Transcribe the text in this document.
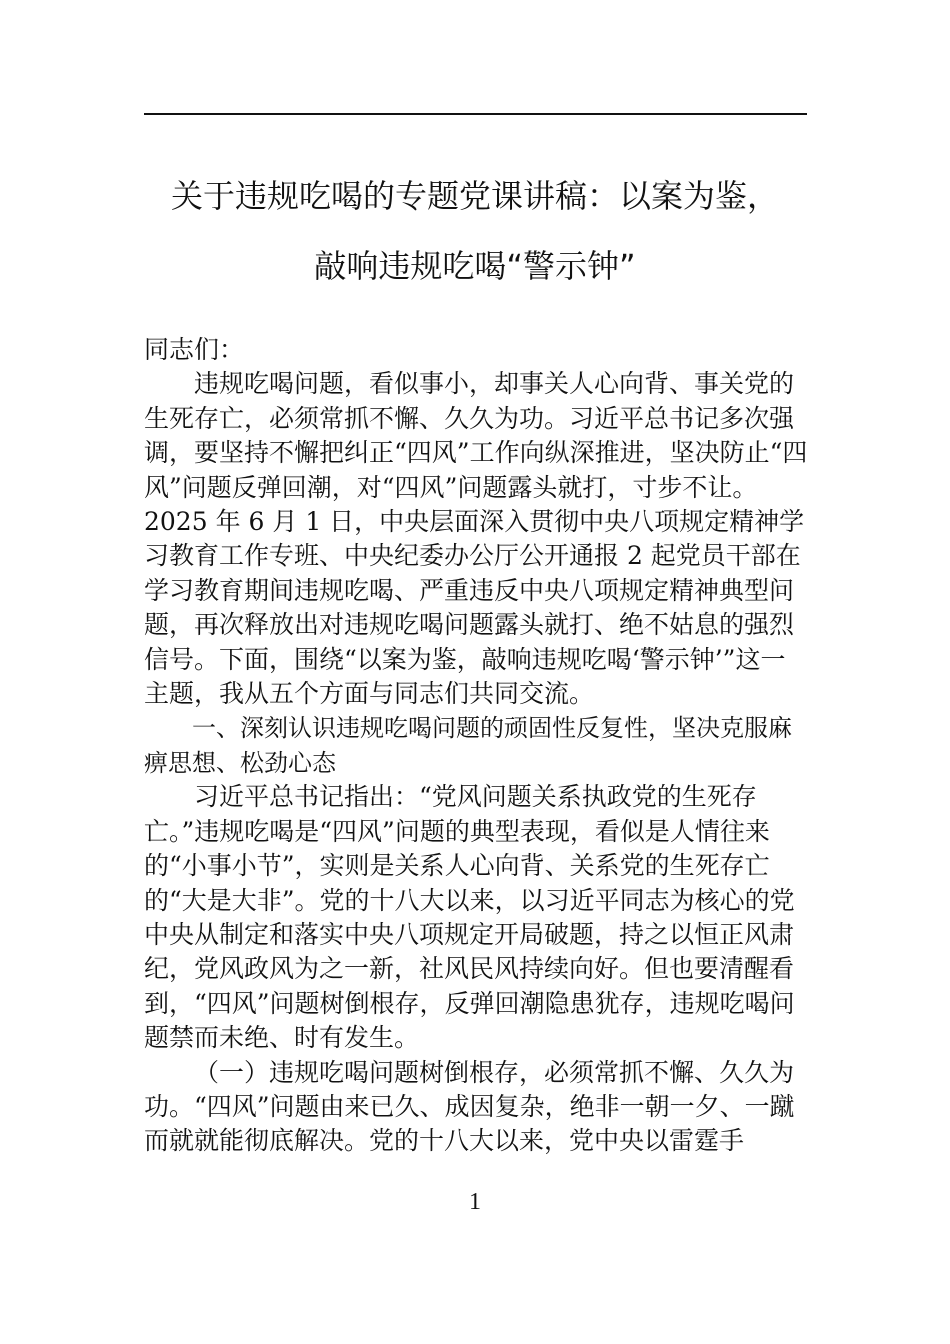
关于违规吃喝的专题党课讲稿：以案为鉴，
敲响违规吃喝“警示钟”

同志们：

违规吃喝问题，看似事小，却事关人心向背、事关党的生死存亡，必须常抓不懈、久久为功。习近平总书记多次强调，要坚持不懈把纠正“四风”工作向纵深推进，坚决防止“四风”问题反弹回潮，对“四风”问题露头就打，寸步不让。2025 年 6 月 1 日，中央层面深入贯彻中央八项规定精神学习教育工作专班、中央纪委办公厅公开通报 2 起党员干部在学习教育期间违规吃喝、严重违反中央八项规定精神典型问题，再次释放出对违规吃喝问题露头就打、绝不姑息的强烈信号。下面，围绕“以案为鉴，敲响违规吃喝‘警示钟’”这一主题，我从五个方面与同志们共同交流。

一、深刻认识违规吃喝问题的顽固性反复性，坚决克服麻痹思想、松劲心态

习近平总书记指出：“党风问题关系执政党的生死存亡。”违规吃喝是“四风”问题的典型表现，看似是人情往来的“小事小节”，实则是关系人心向背、关系党的生死存亡的“大是大非”。党的十八大以来，以习近平同志为核心的党中央从制定和落实中央八项规定开局破题，持之以恒正风肃纪，党风政风为之一新，社风民风持续向好。但也要清醒看到，“四风”问题树倒根存，反弹回潮隐患犹存，违规吃喝问题禁而未绝、时有发生。

（一）违规吃喝问题树倒根存，必须常抓不懈、久久为功。“四风”问题由来已久、成因复杂，绝非一朝一夕、一蹴而就就能彻底解决。党的十八大以来，党中央以雷霆手

1
